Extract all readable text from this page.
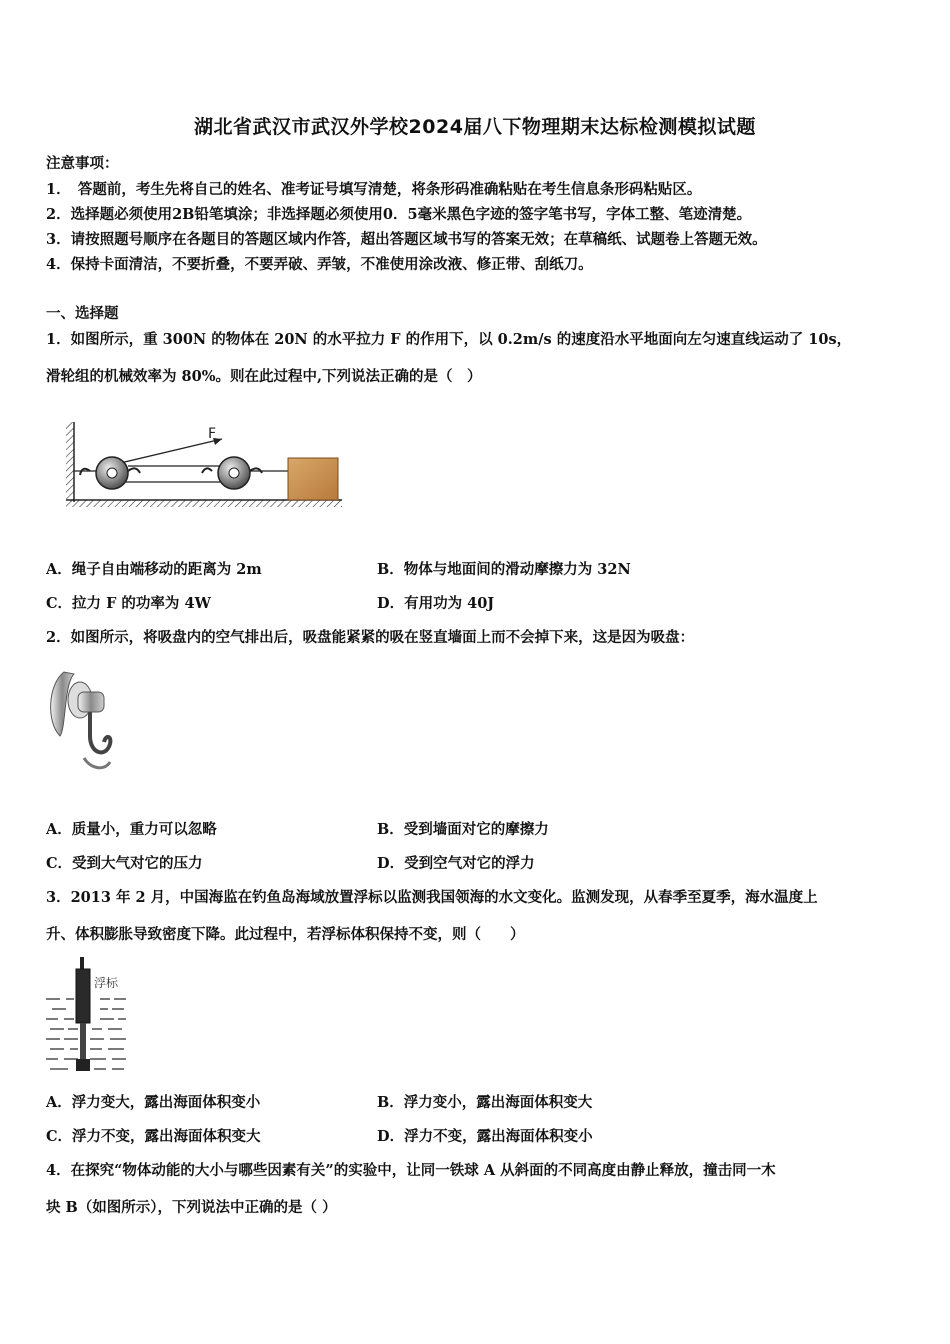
湖北省武汉市武汉外学校2024届八下物理期末达标检测模拟试题
注意事项：
1．　答题前，考生先将自己的姓名、准考证号填写清楚，将条形码准确粘贴在考生信息条形码粘贴区。
2．选择题必须使用2B铅笔填涂；非选择题必须使用0．5毫米黑色字迹的签字笔书写，字体工整、笔迹清楚。
3．请按照题号顺序在各题目的答题区域内作答，超出答题区域书写的答案无效；在草稿纸、试题卷上答题无效。
4．保持卡面清洁，不要折叠，不要弄破、弄皱，不准使用涂改液、修正带、刮纸刀。
一、选择题
1．如图所示，重 300N 的物体在 20N 的水平拉力 F 的作用下，以 0.2m/s 的速度沿水平地面向左匀速直线运动了 10s，
滑轮组的机械效率为 80%。则在此过程中,下列说法正确的是（　）
F
A．绳子自由端移动的距离为 2m	B．物体与地面间的滑动摩擦力为 32N
C．拉力 F 的功率为 4W	D．有用功为 40J
2．如图所示，将吸盘内的空气排出后，吸盘能紧紧的吸在竖直墙面上而不会掉下来，这是因为吸盘：
A．质量小，重力可以忽略	B．受到墙面对它的摩擦力
C．受到大气对它的压力	D．受到空气对它的浮力
3．2013 年 2 月，中国海监在钓鱼岛海域放置浮标以监测我国领海的水文变化。监测发现，从春季至夏季，海水温度上
升、体积膨胀导致密度下降。此过程中，若浮标体积保持不变，则（　　）
浮标
A．浮力变大，露出海面体积变小	B．浮力变小，露出海面体积变大
C．浮力不变，露出海面体积变大	D．浮力不变，露出海面体积变小
4．在探究“物体动能的大小与哪些因素有关”的实验中，让同一铁球 A 从斜面的不同高度由静止释放，撞击同一木
块 B（如图所示），下列说法中正确的是（ ）
